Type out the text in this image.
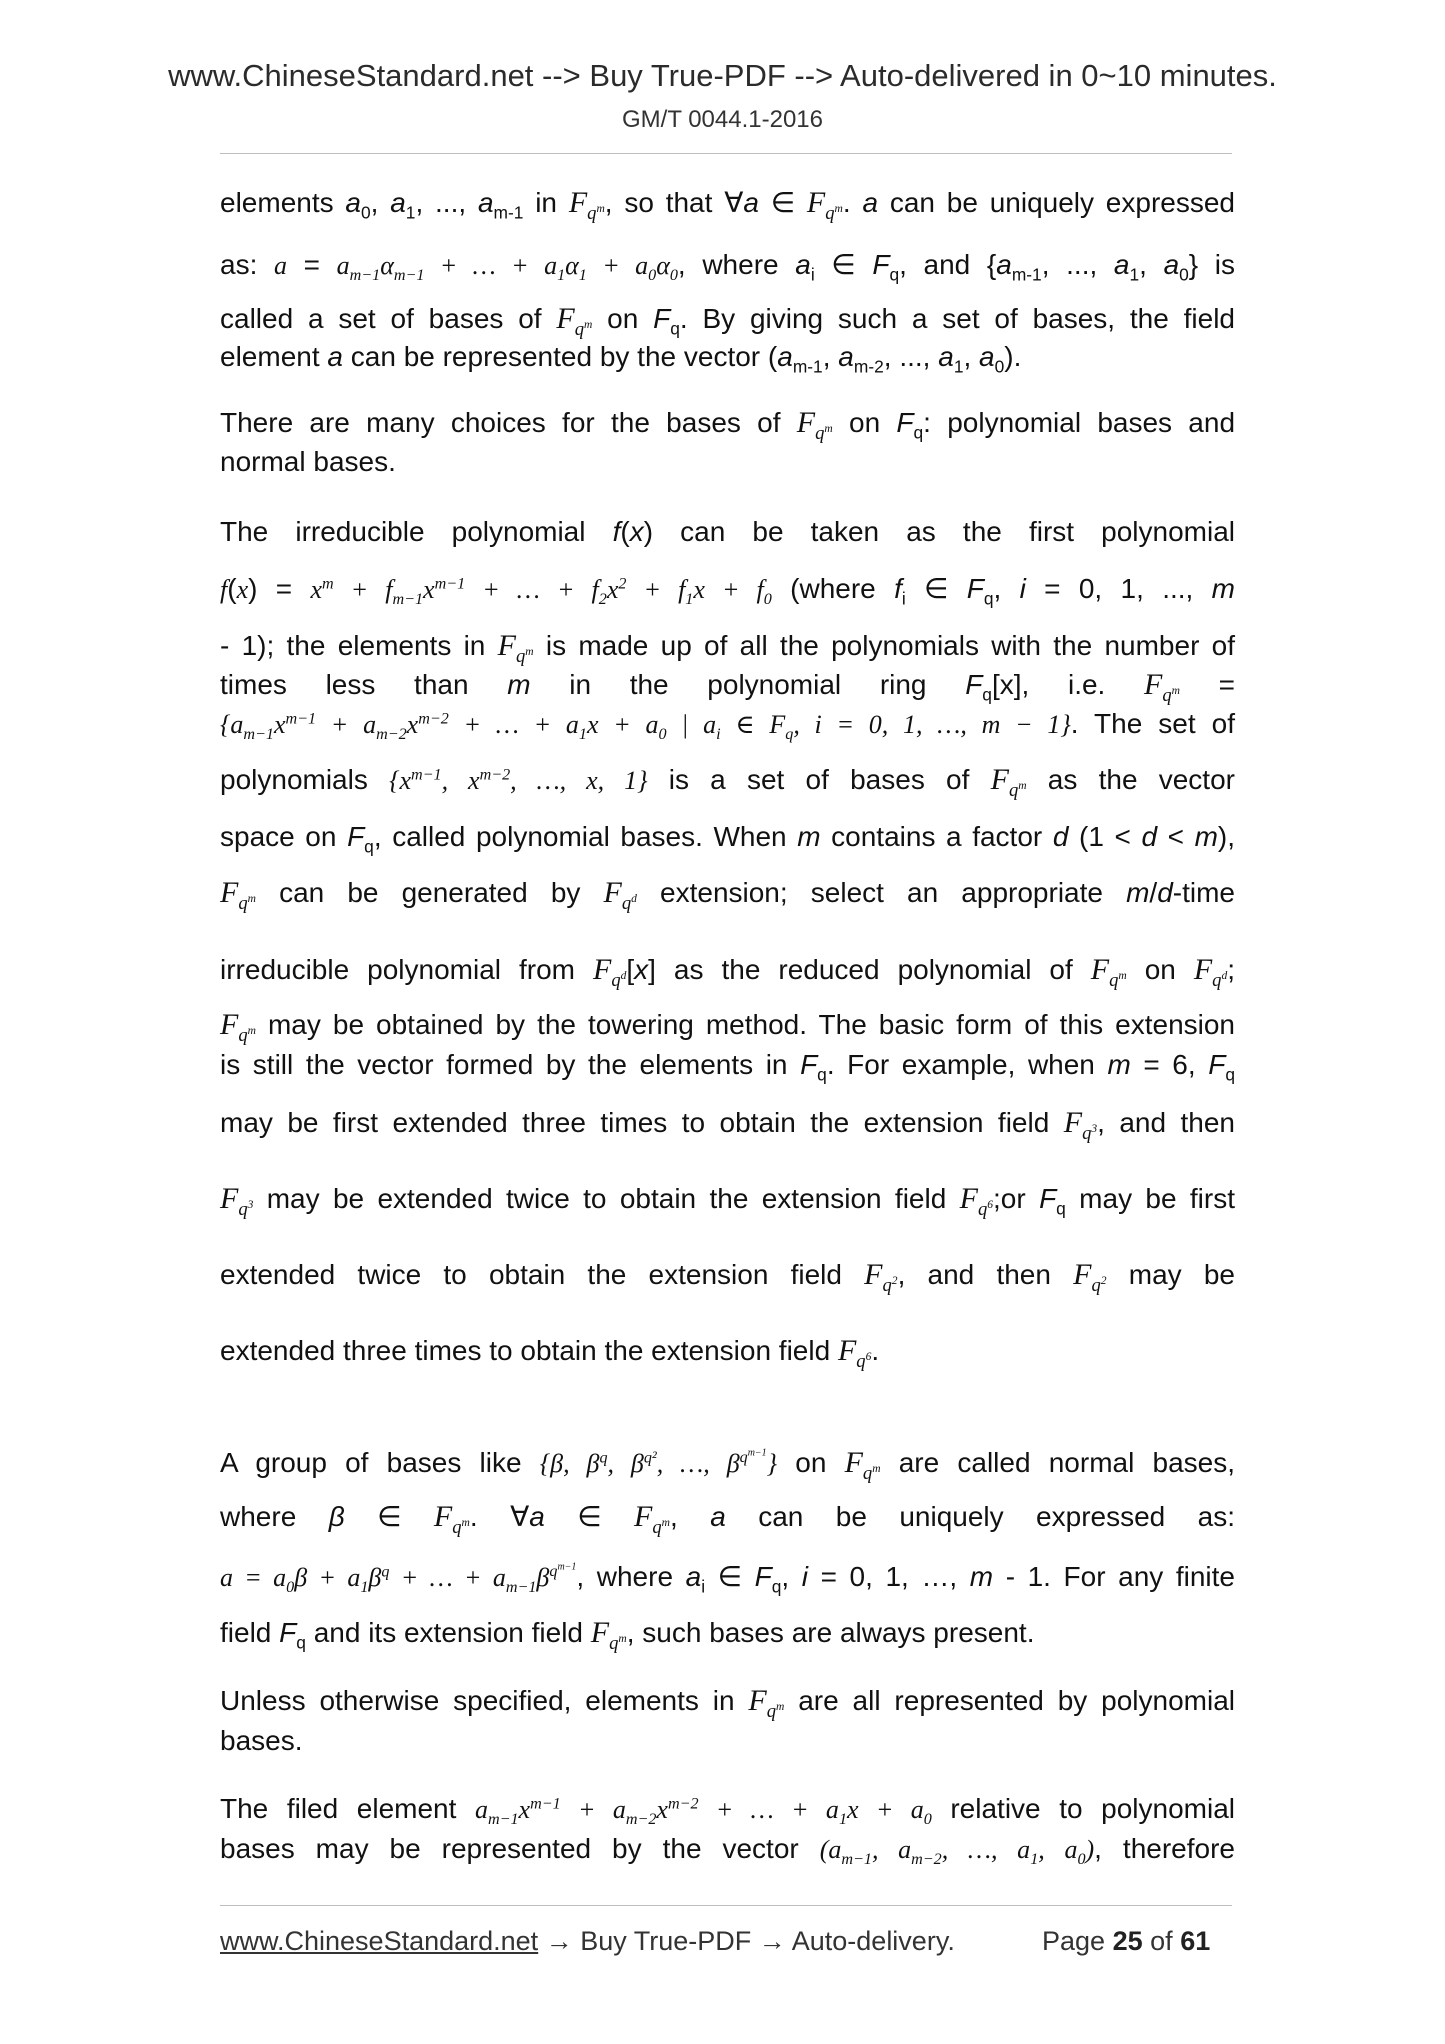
www.ChineseStandard.net --> Buy True-PDF --> Auto-delivered in 0~10 minutes.
GM/T 0044.1-2016

elements $a_0$, $a_1$, ..., $a_{m-1}$ in $F_{q^m}$, so that ∀a ∈ $F_{q^m}$. a can be uniquely expressed

as: $a = a_{m-1}\alpha_{m-1}$ + … + $a_1\alpha_1 + a_0\alpha_0$, where $a_i$ ∈ $F_q$, and {$a_{m-1}$, ..., $a_1$, $a_0$} is

called a set of bases of $F_{q^m}$ on $F_q$. By giving such a set of bases, the field

element a can be represented by the vector ($a_{m-1}$, $a_{m-2}$, ..., $a_1$, $a_0$).

There are many choices for the bases of $F_{q^m}$ on $F_q$: polynomial bases and

normal bases.

The irreducible polynomial f(x) can be taken as the first polynomial

$f(x) = x^m + f_{m-1}x^{m-1}$ + … + $f_2x^2 + f_1x + f_0$ (where $f_i$ ∈ $F_q$, i = 0, 1, ..., m

- 1); the elements in $F_{q^m}$ is made up of all the polynomials with the number of

times less than m in the polynomial ring $F_q[x]$, i.e. $F_{q^m}$ =

{$a_{m-1}x^{m-1} + a_{m-2}x^{m-2}$ + … + $a_1x + a_0$ | $a_i$ ∈ $F_q$, i = 0, 1, …, m − 1}. The set of

polynomials {$x^{m-1}$, $x^{m-2}$, …, x, 1} is a set of bases of $F_{q^m}$ as the vector

space on $F_q$, called polynomial bases. When m contains a factor d (1 < d < m),

$F_{q^m}$ can be generated by $F_{q^d}$ extension; select an appropriate m/d-time

irreducible polynomial from $F_{q^d}[x]$ as the reduced polynomial of $F_{q^m}$ on $F_{q^d}$;

$F_{q^m}$ may be obtained by the towering method. The basic form of this extension

is still the vector formed by the elements in $F_q$. For example, when m = 6, $F_q$

may be first extended three times to obtain the extension field $F_{q^3}$, and then

$F_{q^3}$ may be extended twice to obtain the extension field $F_{q^6};or$ $F_q$ may be first

extended twice to obtain the extension field $F_{q^2}$, and then $F_{q^2}$ may be

extended three times to obtain the extension field $F_{q^6}$.

A group of bases like {β, $\beta^q$, $\beta^{q^2}$, …, $\beta^{q^{m-1}}$} on $F_{q^m}$ are called normal bases,

where β ∈ $F_{q^m}$. ∀a ∈ $F_{q^m}$, a can be uniquely expressed as:

$a = a_0\beta + a_1\beta^q$ + … + $a_{m-1}\beta^{q^{m-1}}$, where $a_i$ ∈ $F_q$, i = 0, 1, …, m - 1. For any finite

field $F_q$ and its extension field $F_{q^m}$, such bases are always present.

Unless otherwise specified, elements in $F_{q^m}$ are all represented by polynomial

bases.

The filed element $a_{m-1}x^{m-1} + a_{m-2}x^{m-2}$ + … + $a_1x + a_0$ relative to polynomial

bases may be represented by the vector ($a_{m-1}$, $a_{m-2}$, …, $a_1$, $a_0$), therefore

www.ChineseStandard.net → Buy True-PDF → Auto-delivery.	Page 25 of 61
